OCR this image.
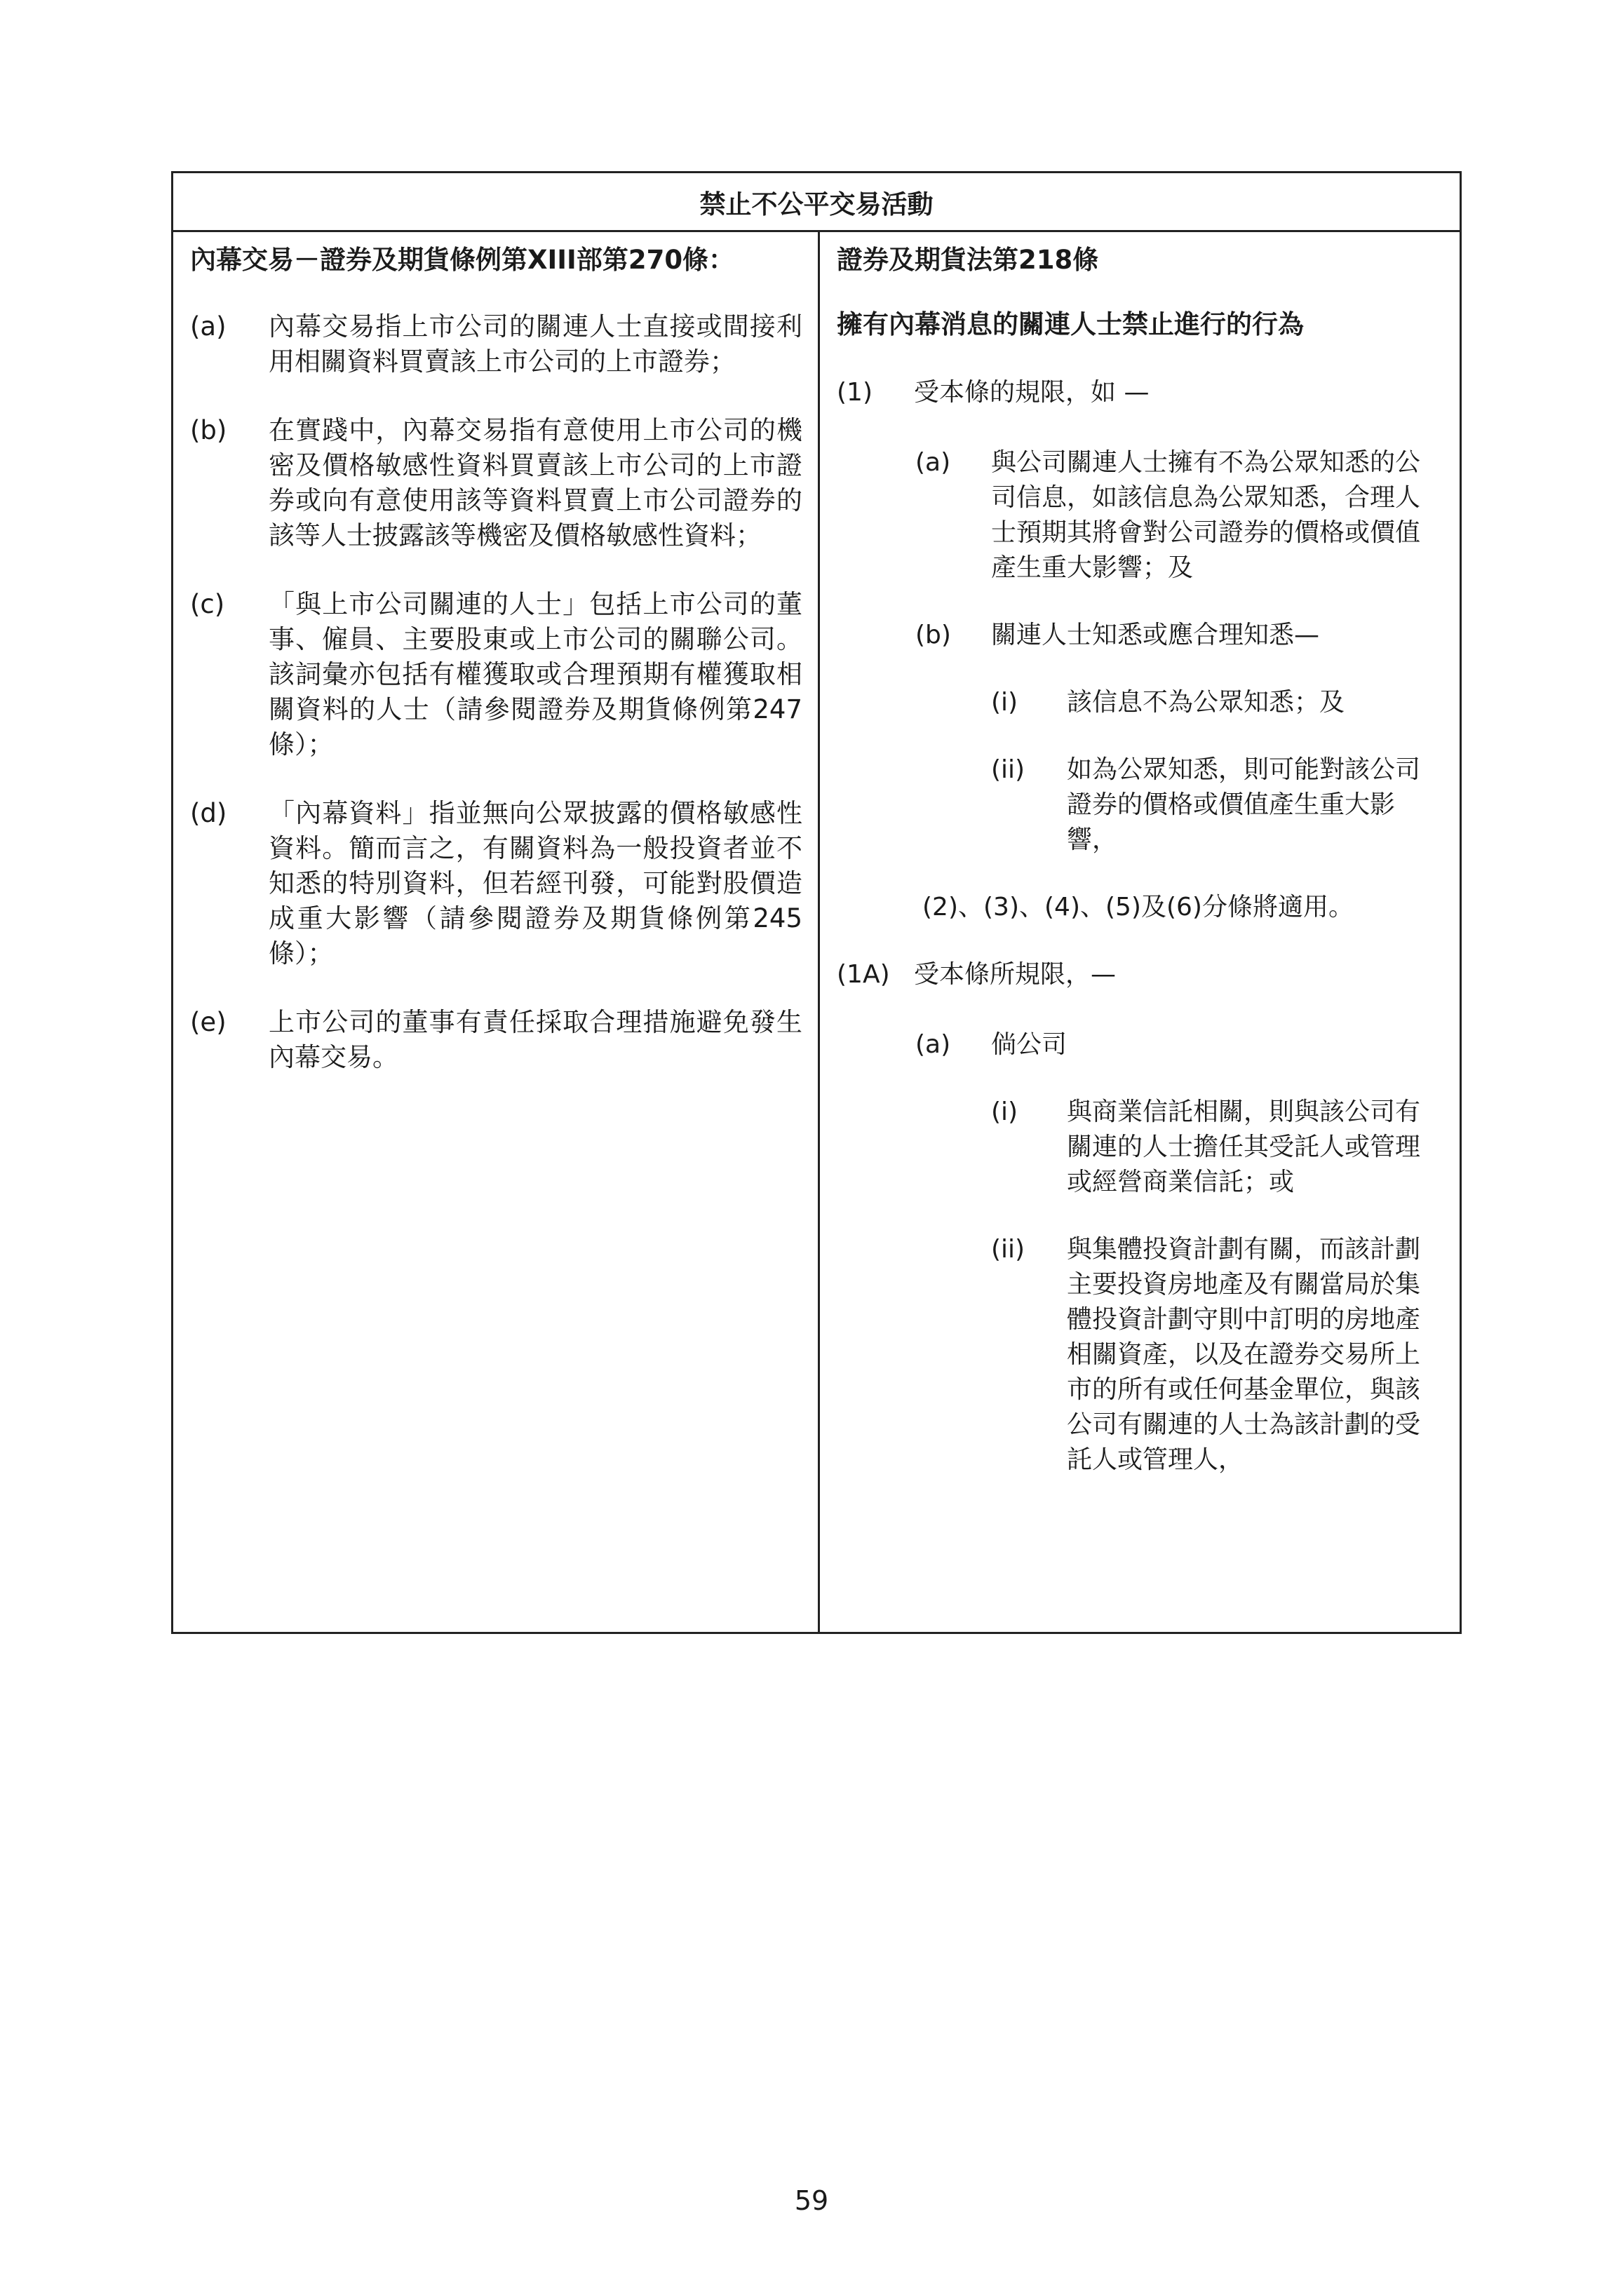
禁止不公平交易活動
內幕交易－證券及期貨條例第XIII部第270條：
(a) 內幕交易指上市公司的關連人士直接或間接利用相關資料買賣該上市公司的上市證券；
(b) 在實踐中，內幕交易指有意使用上市公司的機密及價格敏感性資料買賣該上市公司的上市證券或向有意使用該等資料買賣上市公司證券的該等人士披露該等機密及價格敏感性資料；
(c) 「與上市公司關連的人士」包括上市公司的董事、僱員、主要股東或上市公司的關聯公司。該詞彙亦包括有權獲取或合理預期有權獲取相關資料的人士（請參閱證券及期貨條例第247條）；
(d) 「內幕資料」指並無向公眾披露的價格敏感性資料。簡而言之，有關資料為一般投資者並不知悉的特別資料，但若經刊發，可能對股價造成重大影響（請參閱證券及期貨條例第245條）；
(e) 上市公司的董事有責任採取合理措施避免發生內幕交易。
證券及期貨法第218條
擁有內幕消息的關連人士禁止進行的行為
(1) 受本條的規限，如 —
(a) 與公司關連人士擁有不為公眾知悉的公司信息，如該信息為公眾知悉，合理人士預期其將會對公司證券的價格或價值產生重大影響；及
(b) 關連人士知悉或應合理知悉—
(i) 該信息不為公眾知悉；及
(ii) 如為公眾知悉，則可能對該公司證券的價格或價值產生重大影響，
(2)、(3)、(4)、(5)及(6)分條將適用。
(1A) 受本條所規限，—
(a) 倘公司
(i) 與商業信託相關，則與該公司有關連的人士擔任其受託人或管理或經營商業信託；或
(ii) 與集體投資計劃有關，而該計劃主要投資房地產及有關當局於集體投資計劃守則中訂明的房地產相關資產，以及在證券交易所上市的所有或任何基金單位，與該公司有關連的人士為該計劃的受託人或管理人，
59
